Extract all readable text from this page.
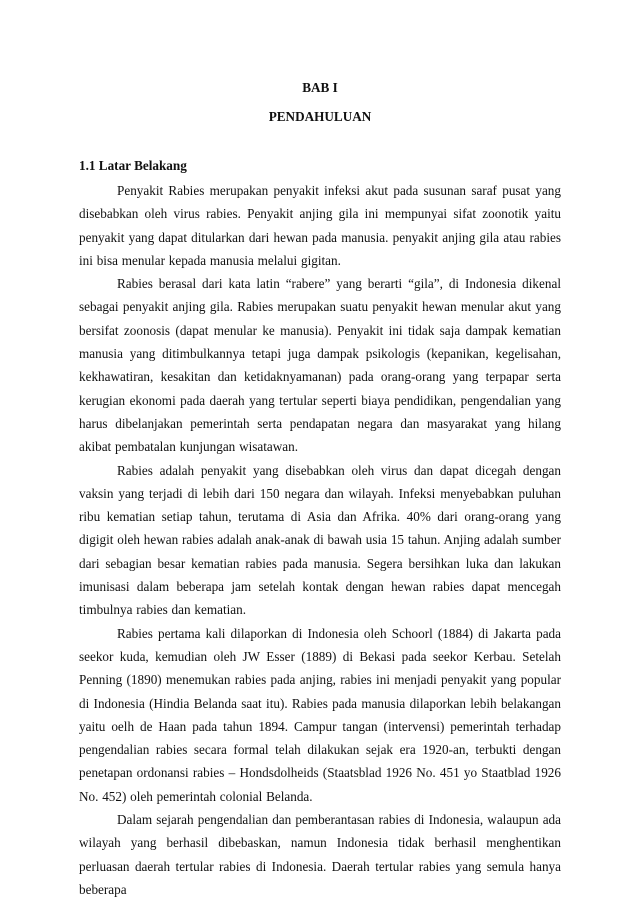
BAB I
PENDAHULUAN
1.1 Latar Belakang

Penyakit Rabies merupakan penyakit infeksi akut pada susunan saraf pusat yang disebabkan oleh virus rabies. Penyakit anjing gila ini mempunyai sifat zoonotik yaitu penyakit yang dapat ditularkan dari hewan pada manusia. penyakit anjing gila atau rabies ini bisa menular kepada manusia melalui gigitan.

Rabies berasal dari kata latin “rabere” yang berarti “gila”, di Indonesia dikenal sebagai penyakit anjing gila. Rabies merupakan suatu penyakit hewan menular akut yang bersifat zoonosis (dapat menular ke manusia). Penyakit ini tidak saja dampak kematian manusia yang ditimbulkannya tetapi juga dampak psikologis (kepanikan, kegelisahan, kekhawatiran, kesakitan dan ketidaknyamanan) pada orang-orang yang terpapar serta kerugian ekonomi pada daerah yang tertular seperti biaya pendidikan, pengendalian yang harus dibelanjakan pemerintah serta pendapatan negara dan masyarakat yang hilang akibat pembatalan kunjungan wisatawan.

Rabies adalah penyakit yang disebabkan oleh virus dan dapat dicegah dengan vaksin yang terjadi di lebih dari 150 negara dan wilayah. Infeksi menyebabkan puluhan ribu kematian setiap tahun, terutama di Asia dan Afrika. 40% dari orang-orang yang digigit oleh hewan rabies adalah anak-anak di bawah usia 15 tahun. Anjing adalah sumber dari sebagian besar kematian rabies pada manusia. Segera bersihkan luka dan lakukan imunisasi dalam beberapa jam setelah kontak dengan hewan rabies dapat mencegah timbulnya rabies dan kematian.

Rabies pertama kali dilaporkan di Indonesia oleh Schoorl (1884) di Jakarta pada seekor kuda, kemudian oleh JW Esser (1889) di Bekasi pada seekor Kerbau. Setelah Penning (1890) menemukan rabies pada anjing, rabies ini menjadi penyakit yang popular di Indonesia (Hindia Belanda saat itu). Rabies pada manusia dilaporkan lebih belakangan yaitu oelh de Haan pada tahun 1894. Campur tangan (intervensi) pemerintah terhadap pengendalian rabies secara formal telah dilakukan sejak era 1920-an, terbukti dengan penetapan ordonansi rabies – Hondsdolheids (Staatsblad 1926 No. 451 yo Staatblad 1926 No. 452) oleh pemerintah colonial Belanda.

Dalam sejarah pengendalian dan pemberantasan rabies di Indonesia, walaupun ada wilayah yang berhasil dibebaskan, namun Indonesia tidak berhasil menghentikan perluasan daerah tertular rabies di Indonesia. Daerah tertular rabies yang semula hanya beberapa
